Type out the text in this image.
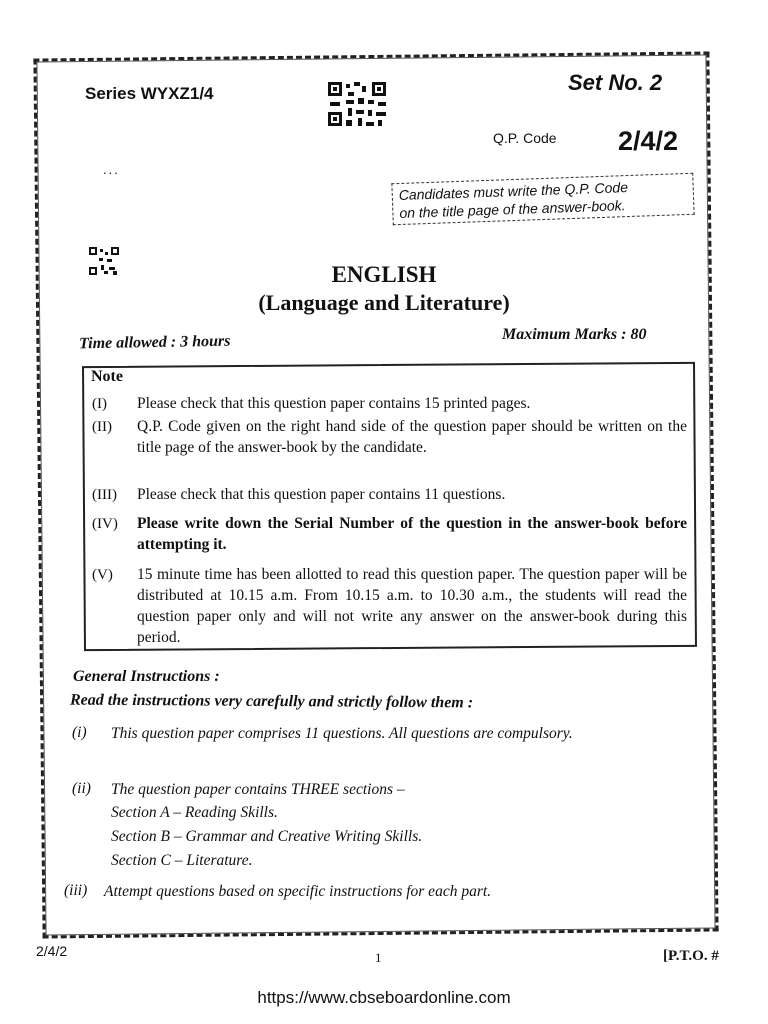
Series WYXZ1/4	Set No. 2
Q.P. Code 2/4/2
...
Candidates must write the Q.P. Code
on the title page of the answer-book.
ENGLISH
(Language and Literature)
Time allowed : 3 hours	Maximum Marks : 80
Note
(I) Please check that this question paper contains 15 printed pages.
(II) Q.P. Code given on the right hand side of the question paper should be written on the title page of the answer-book by the candidate.
(III) Please check that this question paper contains 11 questions.
(IV) Please write down the Serial Number of the question in the answer-book before attempting it.
(V) 15 minute time has been allotted to read this question paper. The question paper will be distributed at 10.15 a.m. From 10.15 a.m. to 10.30 a.m., the students will read the question paper only and will not write any answer on the answer-book during this period.
General Instructions :
Read the instructions very carefully and strictly follow them :
(i) This question paper comprises 11 questions. All questions are compulsory.
(ii) The question paper contains THREE sections –
Section A – Reading Skills.
Section B – Grammar and Creative Writing Skills.
Section C – Literature.
(iii) Attempt questions based on specific instructions for each part.
2/4/2	1	[P.T.O. #
https://www.cbseboardonline.com
